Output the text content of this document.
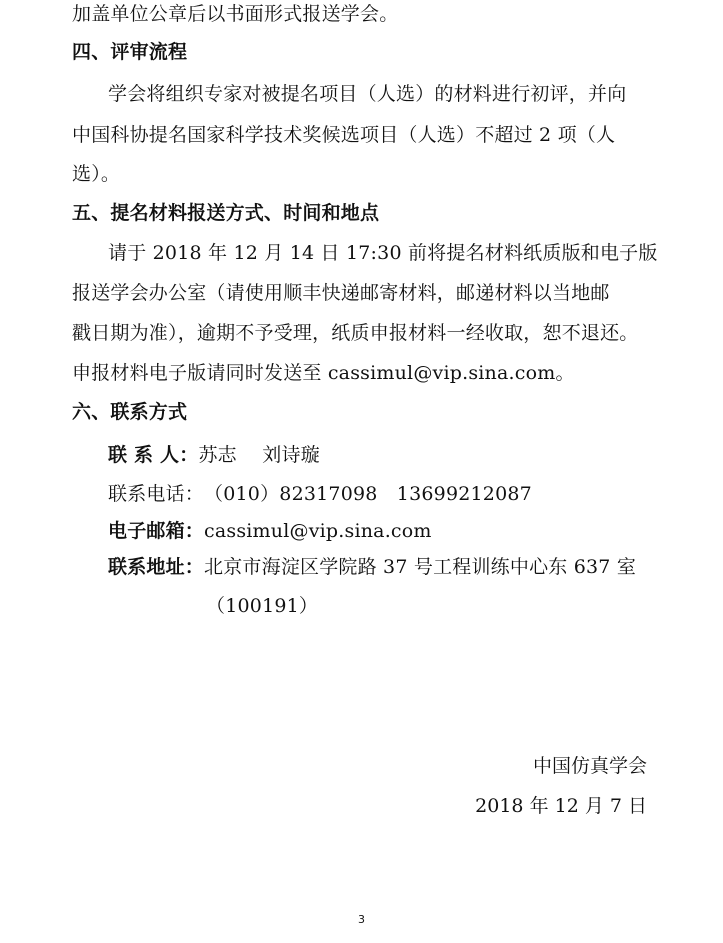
加盖单位公章后以书面形式报送学会。
四、评审流程
学会将组织专家对被提名项目（人选）的材料进行初评，并向
中国科协提名国家科学技术奖候选项目（人选）不超过 2 项（人
选）。
五、提名材料报送方式、时间和地点
请于 2018 年 12 月 14 日 17:30 前将提名材料纸质版和电子版
报送学会办公室（请使用顺丰快递邮寄材料，邮递材料以当地邮
戳日期为准），逾期不予受理，纸质申报材料一经收取，恕不退还。
申报材料电子版请同时发送至 cassimul@vip.sina.com。
六、联系方式
联 系 人：苏志　 刘诗璇
联系电话：（010）82317098　13699212087
电子邮箱：cassimul@vip.sina.com
联系地址：北京市海淀区学院路 37 号工程训练中心东 637 室
（100191）
中国仿真学会
2018 年 12 月 7 日
3
